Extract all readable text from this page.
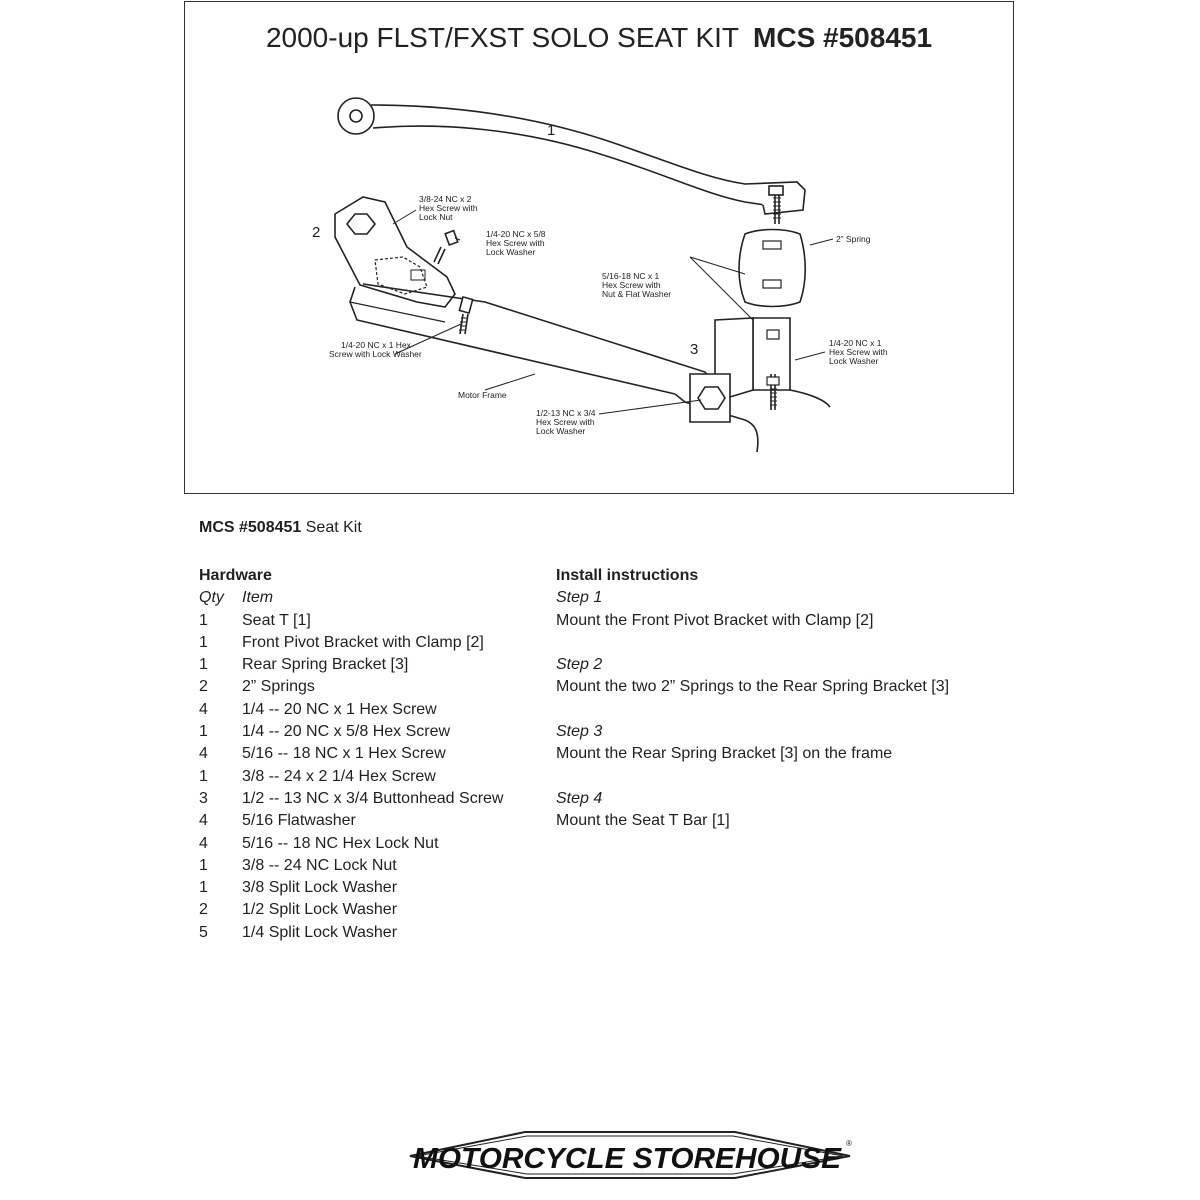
2000-up FLST/FXST SOLO SEAT KIT MCS #508451
1
2
3
3/8-24 NC x 2 Hex Screw with Lock Nut
1/4-20 NC x 5/8 Hex Screw with Lock Washer
2” Spring
5/16-18 NC x 1 Hex Screw with Nut & Flat Washer
1/4-20 NC x 1 Hex Screw with Lock Washer
1/4-20 NC x 1 Hex Screw with Lock Washer
Motor Frame
1/2-13 NC x 3/4 Hex Screw with Lock Washer
MCS #508451 Seat Kit
Hardware
Qty	Item
1	Seat T [1]
1	Front Pivot Bracket with Clamp [2]
1	Rear Spring Bracket [3]
2	2” Springs
4	1/4 -- 20 NC x 1 Hex Screw
1	1/4 -- 20 NC x 5/8 Hex Screw
4	5/16 -- 18 NC x 1 Hex Screw
1	3/8 -- 24 x 2 1/4 Hex Screw
3	1/2 -- 13 NC x 3/4 Buttonhead Screw
4	5/16 Flatwasher
4	5/16 -- 18 NC Hex Lock Nut
1	3/8 -- 24 NC Lock Nut
1	3/8 Split Lock Washer
2	1/2 Split Lock Washer
5	1/4 Split Lock Washer
Install instructions
Step 1
Mount the Front Pivot Bracket with Clamp [2]
Step 2
Mount the two 2” Springs to the Rear Spring Bracket [3]
Step 3
Mount the Rear Spring Bracket [3] on the frame
Step 4
Mount the Seat T Bar [1]
MOTORCYCLE STOREHOUSE ®
